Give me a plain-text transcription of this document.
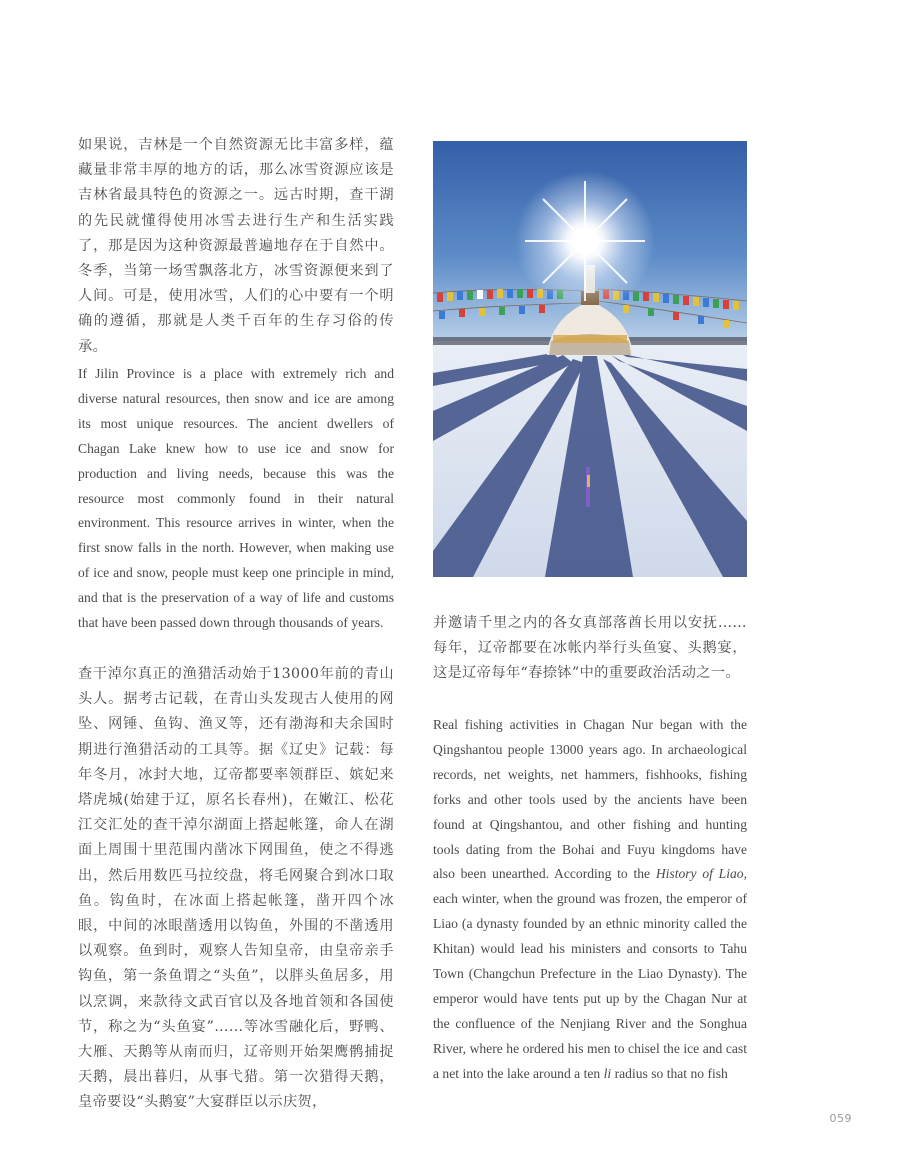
如果说，吉林是一个自然资源无比丰富多样，蕴藏量非常丰厚的地方的话，那么冰雪资源应该是吉林省最具特色的资源之一。远古时期，查干湖的先民就懂得使用冰雪去进行生产和生活实践了，那是因为这种资源最普遍地存在于自然中。冬季，当第一场雪飘落北方，冰雪资源便来到了人间。可是，使用冰雪，人们的心中要有一个明确的遵循，那就是人类千百年的生存习俗的传承。

If Jilin Province is a place with extremely rich and diverse natural resources, then snow and ice are among its most unique resources. The ancient dwellers of Chagan Lake knew how to use ice and snow for production and living needs, because this was the resource most commonly found in their natural environment. This resource arrives in winter, when the first snow falls in the north. However, when making use of ice and snow, people must keep one principle in mind, and that is the preservation of a way of life and customs that have been passed down through thousands of years.

查干淖尔真正的渔猎活动始于13000年前的青山头人。据考古记载，在青山头发现古人使用的网坠、网锤、鱼钩、渔叉等，还有渤海和夫余国时期进行渔猎活动的工具等。据《辽史》记载：每年冬月，冰封大地，辽帝都要率领群臣、嫔妃来塔虎城(始建于辽，原名长春州)，在嫩江、松花江交汇处的查干淖尔湖面上搭起帐篷，命人在湖面上周围十里范围内凿冰下网围鱼，使之不得逃出，然后用数匹马拉绞盘，将毛网聚合到冰口取鱼。钩鱼时，在冰面上搭起帐篷，凿开四个冰眼，中间的冰眼凿透用以钩鱼，外围的不凿透用以观察。鱼到时，观察人告知皇帝，由皇帝亲手钩鱼，第一条鱼谓之“头鱼”，以胖头鱼居多，用以烹调，来款待文武百官以及各地首领和各国使节，称之为“头鱼宴”……等冰雪融化后，野鸭、大雁、天鹅等从南而归，辽帝则开始架鹰鹘捕捉天鹅，晨出暮归，从事弋猎。第一次猎得天鹅，皇帝要设“头鹅宴”大宴群臣以示庆贺，

并邀请千里之内的各女真部落酋长用以安抚……每年，辽帝都要在冰帐内举行头鱼宴、头鹅宴，这是辽帝每年“春捺钵”中的重要政治活动之一。

Real fishing activities in Chagan Nur began with the Qingshantou people 13000 years ago. In archaeological records, net weights, net hammers, fishhooks, fishing forks and other tools used by the ancients have been found at Qingshantou, and other fishing and hunting tools dating from the Bohai and Fuyu kingdoms have also been unearthed. According to the History of Liao, each winter, when the ground was frozen, the emperor of Liao (a dynasty founded by an ethnic minority called the Khitan) would lead his ministers and consorts to Tahu Town (Changchun Prefecture in the Liao Dynasty). The emperor would have tents put up by the Chagan Nur at the confluence of the Nenjiang River and the Songhua River, where he ordered his men to chisel the ice and cast a net into the lake around a ten li radius so that no fish

059
